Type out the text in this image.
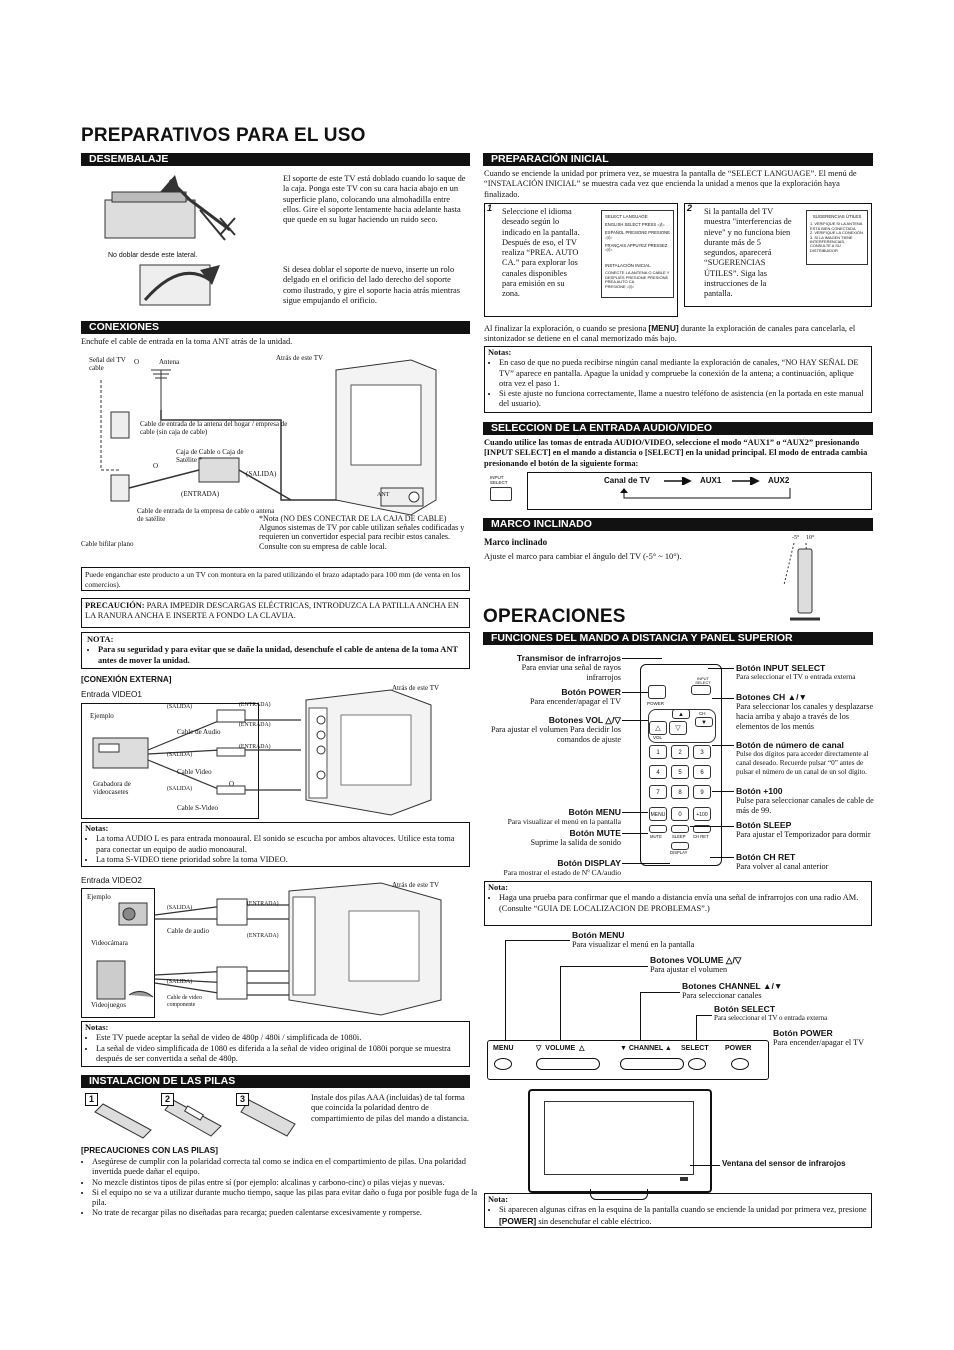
PREPARATIVOS PARA EL USO
DESEMBALAJE
No doblar desde este lateral.

El soporte de este TV está doblado cuando lo saque de la caja. Ponga este TV con su cara hacia abajo en un superficie plano, colocando una almohadilla entre ellos. Gire el soporte lentamente hacia adelante hasta que quede en su lugar haciendo un ruido seco.

Si desea doblar el soporte de nuevo, inserte un rolo delgado en el orificio del lado derecho del soporte como ilustrado, y gire el soporte hacia atrás mientras sigue empujando el orificio.

CONEXIONES

Enchufe el cable de entrada en la toma ANT atrás de la unidad.

Señal del TV cable
O	Antena	Atrás de este TV
Cable de entrada de la antena del hogar / empresa de cable (sin caja de cable)
Caja de Cable o Caja de Satélite *
O
(SALIDA)
(ENTRADA)	ANT
Cable de entrada de la empresa de cable o antena de satélite
Cable bifilar plano
*Nota (NO DES CONECTAR DE LA CAJA DE CABLE) Algunos sistemas de TV por cable utilizan señales codificadas y requieren un convertidor especial para recibir estos canales. Consulte con su empresa de cable local.
Puede enganchar este producto a un TV con montura en la pared utilizando el brazo adaptado para 100 mm (de venta en los comercios).
PRECAUCIÓN: PARA IMPEDIR DESCARGAS ELÉCTRICAS, INTRODUZCA LA PATILLA ANCHA EN LA RANURA ANCHA E INSERTE A FONDO LA CLAVIJA.
NOTA:
• Para su seguridad y para evitar que se dañe la unidad, desenchufe el cable de antena de la toma ANT antes de mover la unidad.
[CONEXIÓN EXTERNA]
Entrada VIDEO1
Atrás de este TV
Ejemplo
Grabadora de videocasetes
Cable de Audio
Cable Video
O
Cable S-Video
(SALIDA)
(SALIDA)
(SALIDA)
(ENTRADA)
(ENTRADA)
(ENTRADA)
Notas:
• La toma AUDIO L es para entrada monoaural. El sonido se escucha por ambos altavoces. Utilice esta toma para conectar un equipo de audio monoaural.
• La toma S-VIDEO tiene prioridad sobre la toma VIDEO.
Entrada VIDEO2	Atrás de este TV
Ejemplo
Videocámara
Videojuegos
Cable de audio
Cable de video componente
(SALIDA)
(SALIDA)
(ENTRADA)
(ENTRADA)
Notas:
• Este TV puede aceptar la señal de video de 480p / 480i / simplificada de 1080i.
• La señal de video simplificada de 1080 es diferida a la señal de video original de 1080i porque se muestra después de ser convertida a señal de 480p.
INSTALACION DE LAS PILAS
1	2	3	Instale dos pilas AAA (incluidas) de tal forma que coincida la polaridad dentro de compartimiento de pilas del mando a distancia.

[PRECAUCIONES CON LAS PILAS]
• Asegúrese de cumplir con la polaridad correcta tal como se indica en el compartimiento de pilas. Una polaridad invertida puede dañar el equipo.
• No mezcle distintos tipos de pilas entre sí (por ejemplo: alcalinas y carbono-cinc) o pilas viejas y nuevas.
• Si el equipo no se va a utilizar durante mucho tiempo, saque las pilas para evitar daño o fuga por posible fuga de la pila.
• No trate de recargar pilas no diseñadas para recarga; pueden calentarse excesivamente y romperse.
PREPARACIÓN INICIAL

Cuando se enciende la unidad por primera vez, se muestra la pantalla de “SELECT LANGUAGE”. El menú de “INSTALACIÓN INICIAL” se muestra cada vez que encienda la unidad a menos que la exploración haya finalizado.

1	Seleccione el idioma deseado según lo indicado en la pantalla. Después de eso, el TV realiza “PREA. AUTO CA.” para explorar los canales disponibles para emisión en su zona.

SELECT LANGUAGE
ENGLISH SELECT PRESS ◁/▷
ESPAÑOL PRESIONE PRESIONE ◁/▷
FRANÇAIS APPUYEZ PRESSEZ ◁/▷
INSTALACIÓN INICIAL
CONECTE LA ANTENA O CABLE Y DESPLIÉS PRESIONE PRESIONE
PREA AUTO CA
PRESIONE ◁/▷
2	Si la pantalla del TV muestra "interferencias de nieve" y no funciona bien durante más de 5 segundos, aparecerá “SUGERENCIAS ÚTILES”. Siga las instrucciones de la pantalla.

SUGERENCIAS ÚTILES
1. VERIFIQUE SI LA ANTENA ESTÁ BIEN CONECTADA
2. VERIFIQUE LA CONEXIÓN
3. SI LA IMAGEN TIENE INTERFERENCIAS, CONSULTE A SU DISTRIBUIDOR

Al finalizar la exploración, o cuando se presiona [MENU] durante la exploración de canales para cancelarla, el sintonizador se detiene en el canal memorizado más bajo.

Notas:
• En caso de que no pueda recibirse ningún canal mediante la exploración de canales, “NO HAY SEÑAL DE TV” aparece en pantalla. Apague la unidad y compruebe la conexión de la antena; a continuación, aplique otra vez el paso 1.
• Si este ajuste no funciona correctamente, llame a nuestro teléfono de asistencia (en la portada en este manual del usuario).
SELECCION DE LA ENTRADA AUDIO/VIDEO

Cuando utilice las tomas de entrada AUDIO/VIDEO, seleccione el modo “AUX1” o “AUX2” presionando [INPUT SELECT] en el mando a distancia o [SELECT] en la unidad principal. El modo de entrada cambia presionando el botón de la siguiente forma:

INPUT SELECT	Canal de TV	AUX1	AUX2
MARCO INCLINADO
Marco inclinado

Ajuste el marco para cambiar el ángulo del TV (-5° ~ 10°).

-5° 10°
OPERACIONES
FUNCIONES DEL MANDO A DISTANCIA Y PANEL SUPERIOR
POWER
INPUT SELECT
△	▽
VOL
▲
▼
CH
1	2	3
4	5	6
7	8	9
MENU	0	+100
MUTE SLEEP CH RET
DISPLAY
Transmisor de infrarrojos
Para enviar una señal de rayos infrarrojos
Botón POWER
Para encender/apagar el TV
Botones VOL △/▽
Para ajustar el volumen Para decidir los comandos de ajuste
Botón MENU
Para visualizar el menú en la pantalla
Botón MUTE
Suprime la salida de sonido
Botón DISPLAY
Para mostrar el estado de Nº CA/audio
Botón INPUT SELECT
Para seleccionar el TV o entrada externa
Botones CH ▲/▼
Para seleccionar los canales y desplazarse hacia arriba y abajo a través de los elementos de los menús
Botón de número de canal
Pulse dos dígitos para acceder directamente al canal deseado. Recuerde pulsar “0” antes de pulsar el número de un canal de un sol dígito.
Botón +100
Pulse para seleccionar canales de cable de más de 99.
Botón SLEEP
Para ajustar el Temporizador para dormir
Botón CH RET
Para volver al canal anterior
Nota:
• Haga una prueba para confirmar que el mando a distancia envía una señal de infrarrojos con una radio AM. (Consulte “GUIA DE LOCALIZACION DE PROBLEMAS”.)
Botón MENU
Para visualizar el menú en la pantalla
Botones VOLUME △/▽
Para ajustar el volumen
Botones CHANNEL ▲/▼
Para seleccionar canales
Botón SELECT
Para seleccionar el TV o entrada externa
Botón POWER
Para encender/apagar el TV
MENU	▽  VOLUME  △	▼ CHANNEL ▲ SELECT POWER
Ventana del sensor de infrarojos
Nota:
• Si aparecen algunas cifras en la esquina de la pantalla cuando se enciende la unidad por primera vez, presione [POWER] sin desenchufar el cable eléctrico.
